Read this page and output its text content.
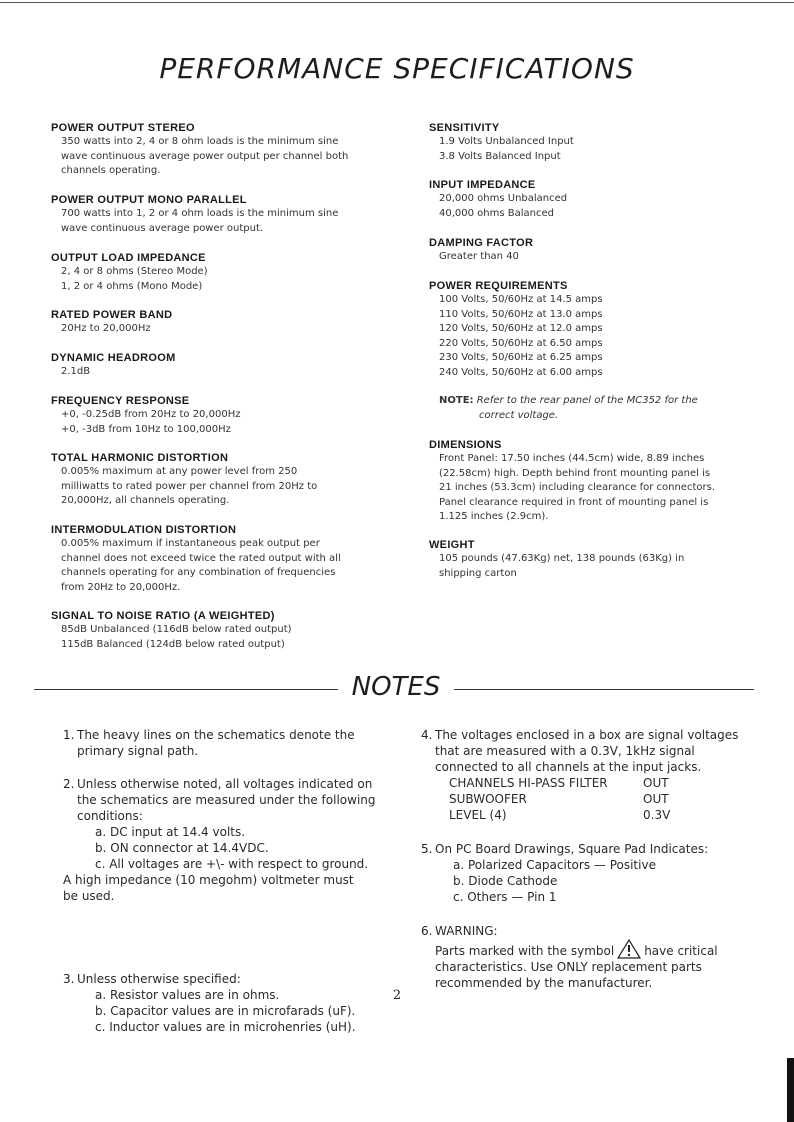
PERFORMANCE SPECIFICATIONS
POWER OUTPUT STEREO
350 watts into 2, 4 or 8 ohm loads is the minimum sine
wave continuous average power output per channel both
channels operating.
POWER OUTPUT MONO PARALLEL
700 watts into 1, 2 or 4 ohm loads is the minimum sine
wave continuous average power output.
OUTPUT LOAD IMPEDANCE
2, 4 or 8 ohms (Stereo Mode)
1, 2 or 4 ohms (Mono Mode)
RATED POWER BAND
20Hz to 20,000Hz
DYNAMIC HEADROOM
2.1dB
FREQUENCY RESPONSE
+0, -0.25dB from 20Hz to 20,000Hz
+0, -3dB from 10Hz to 100,000Hz
TOTAL HARMONIC DISTORTION
0.005% maximum at any power level from 250
milliwatts to rated power per channel from 20Hz to
20,000Hz, all channels operating.
INTERMODULATION DISTORTION
0.005% maximum if instantaneous peak output per
channel does not exceed twice the rated output with all
channels operating for any combination of frequencies
from 20Hz to 20,000Hz.
SIGNAL TO NOISE RATIO (A WEIGHTED)
85dB Unbalanced (116dB below rated output)
115dB Balanced (124dB below rated output)
SENSITIVITY
1.9 Volts Unbalanced Input
3.8 Volts Balanced Input
INPUT IMPEDANCE
20,000 ohms Unbalanced
40,000 ohms Balanced
DAMPING FACTOR
Greater than 40
POWER REQUIREMENTS
100 Volts, 50/60Hz at 14.5 amps
110 Volts, 50/60Hz at 13.0 amps
120 Volts, 50/60Hz at 12.0 amps
220 Volts, 50/60Hz at 6.50 amps
230 Volts, 50/60Hz at 6.25 amps
240 Volts, 50/60Hz at 6.00 amps
NOTE: Refer to the rear panel of the MC352 for the
correct voltage.
DIMENSIONS
Front Panel: 17.50 inches (44.5cm) wide, 8.89 inches
(22.58cm) high. Depth behind front mounting panel is
21 inches (53.3cm) including clearance for connectors.
Panel clearance required in front of mounting panel is
1.125 inches (2.9cm).
WEIGHT
105 pounds (47.63Kg) net, 138 pounds (63Kg) in
shipping carton
NOTES
1. The heavy lines on the schematics denote the
primary signal path.
2. Unless otherwise noted, all voltages indicated on
the schematics are measured under the following
conditions:
a. DC input at 14.4 volts.
b. ON connector at 14.4VDC.
c. All voltages are +\- with respect to ground.
A high impedance (10 megohm) voltmeter must
be used.
3. Unless otherwise specified:
a. Resistor values are in ohms.
b. Capacitor values are in microfarads (uF).
c. Inductor values are in microhenries (uH).
4. The voltages enclosed in a box are signal voltages
that are measured with a 0.3V, 1kHz signal
connected to all channels at the input jacks.
CHANNELS HI-PASS FILTER	OUT
SUBWOOFER	OUT
LEVEL (4)	0.3V
5. On PC Board Drawings, Square Pad Indicates:
a. Polarized Capacitors — Positive
b. Diode Cathode
c. Others — Pin 1
6. WARNING:
Parts marked with the symbol	have critical
characteristics. Use ONLY replacement parts
recommended by the manufacturer.
2
